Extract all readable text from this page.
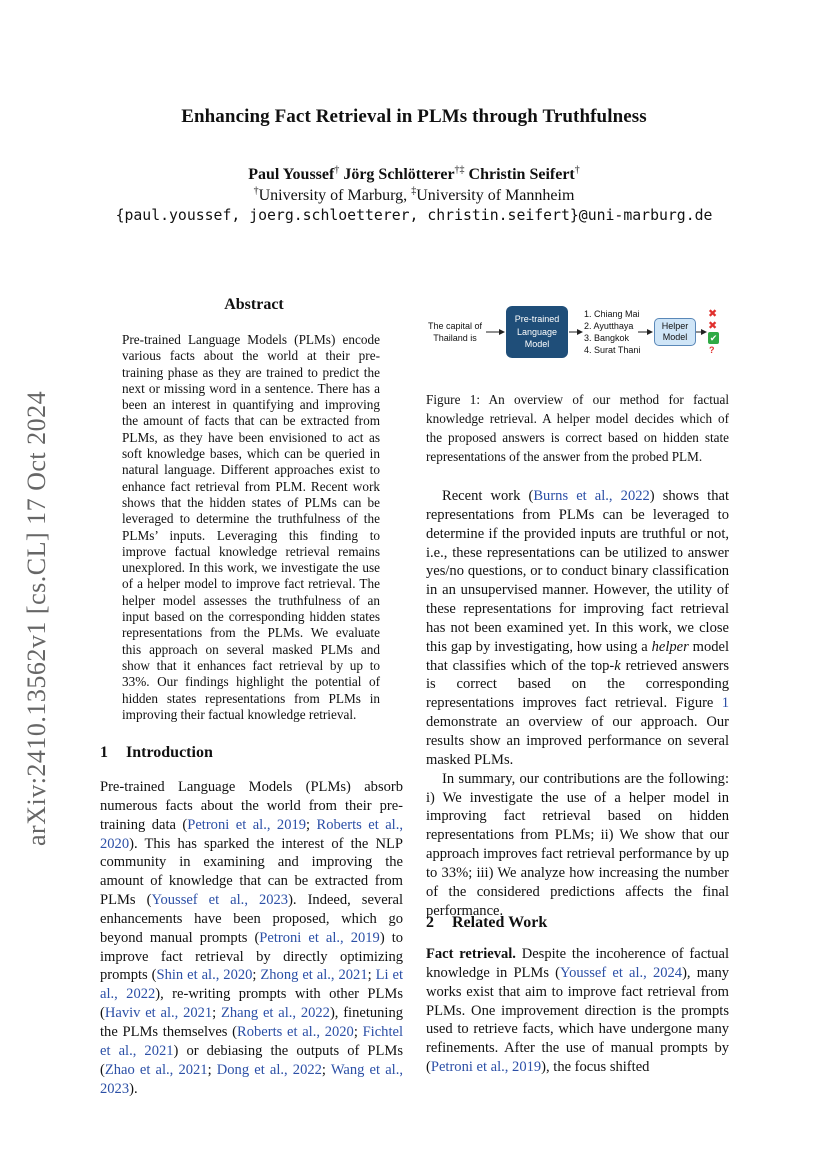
Enhancing Fact Retrieval in PLMs through Truthfulness
Paul Youssef† Jörg Schlötterer†‡ Christin Seifert†
†University of Marburg, ‡University of Mannheim
{paul.youssef, joerg.schloetterer, christin.seifert}@uni-marburg.de
arXiv:2410.13562v1 [cs.CL] 17 Oct 2024
Abstract

Pre-trained Language Models (PLMs) encode various facts about the world at their pre-training phase as they are trained to predict the next or missing word in a sentence. There has a been an interest in quantifying and improving the amount of facts that can be extracted from PLMs, as they have been envisioned to act as soft knowledge bases, which can be queried in natural language. Different approaches exist to enhance fact retrieval from PLM. Recent work shows that the hidden states of PLMs can be leveraged to determine the truthfulness of the PLMs’ inputs. Leveraging this finding to improve factual knowledge retrieval remains unexplored. In this work, we investigate the use of a helper model to improve fact retrieval. The helper model assesses the truthfulness of an input based on the corresponding hidden states representations from the PLMs. We evaluate this approach on several masked PLMs and show that it enhances fact retrieval by up to 33%. Our findings highlight the potential of hidden states representations from PLMs in improving their factual knowledge retrieval.

1 Introduction

Pre-trained Language Models (PLMs) absorb numerous facts about the world from their pre-training data (Petroni et al., 2019; Roberts et al., 2020). This has sparked the interest of the NLP community in examining and improving the amount of knowledge that can be extracted from PLMs (Youssef et al., 2023). Indeed, several enhancements have been proposed, which go beyond manual prompts (Petroni et al., 2019) to improve fact retrieval by directly optimizing prompts (Shin et al., 2020; Zhong et al., 2021; Li et al., 2022), re-writing prompts with other PLMs (Haviv et al., 2021; Zhang et al., 2022), finetuning the PLMs themselves (Roberts et al., 2020; Fichtel et al., 2021) or debiasing the outputs of PLMs (Zhao et al., 2021; Dong et al., 2022; Wang et al., 2023).

The capital of Thailand is
Pre-trained
Language
Model
1. Chiang Mai
2. Ayutthaya
3. Bangkok
4. Surat Thani
Helper
Model
✖
✖
✔
?

Figure 1: An overview of our method for factual knowledge retrieval. A helper model decides which of the proposed answers is correct based on hidden state representations of the answer from the probed PLM.

Recent work (Burns et al., 2022) shows that representations from PLMs can be leveraged to determine if the provided inputs are truthful or not, i.e., these representations can be utilized to answer yes/no questions, or to conduct binary classification in an unsupervised manner. However, the utility of these representations for improving fact retrieval has not been examined yet. In this work, we close this gap by investigating, how using a helper model that classifies which of the top-k retrieved answers is correct based on the corresponding representations improves fact retrieval. Figure 1 demonstrate an overview of our approach. Our results show an improved performance on several masked PLMs.

In summary, our contributions are the following: i) We investigate the use of a helper model in improving fact retrieval based on hidden representations from PLMs; ii) We show that our approach improves fact retrieval performance by up to 33%; iii) We analyze how increasing the number of the considered predictions affects the final performance.

2 Related Work

Fact retrieval. Despite the incoherence of factual knowledge in PLMs (Youssef et al., 2024), many works exist that aim to improve fact retrieval from PLMs. One improvement direction is the prompts used to retrieve facts, which have undergone many refinements. After the use of manual prompts by (Petroni et al., 2019), the focus shifted
